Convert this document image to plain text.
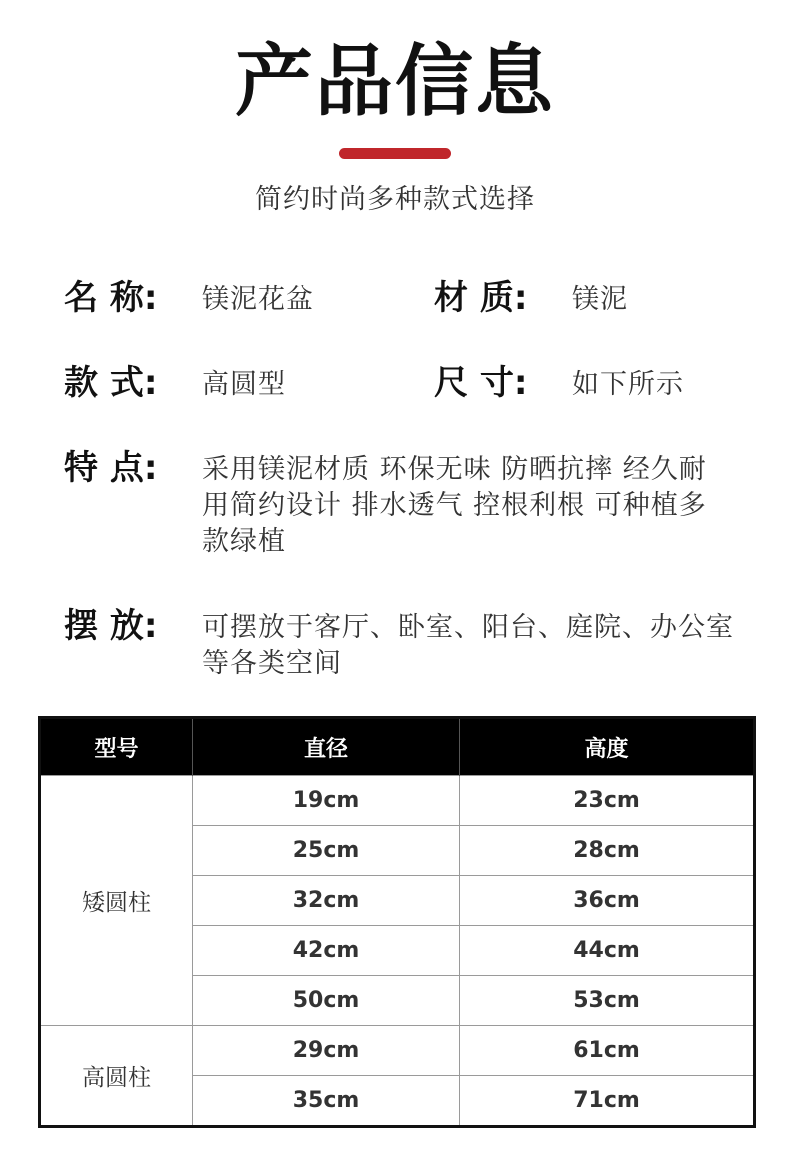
产品信息
简约时尚多种款式选择
名 称:	镁泥花盆	材 质:	镁泥
款 式:	高圆型	尺 寸:	如下所示
特 点:	采用镁泥材质 环保无味 防晒抗摔 经久耐用简约设计 排水透气 控根利根 可种植多款绿植
摆 放:	可摆放于客厅、卧室、阳台、庭院、办公室等各类空间
型号	直径	高度
矮圆柱	19cm	23cm
	25cm	28cm
	32cm	36cm
	42cm	44cm
	50cm	53cm
高圆柱	29cm	61cm
	35cm	71cm
